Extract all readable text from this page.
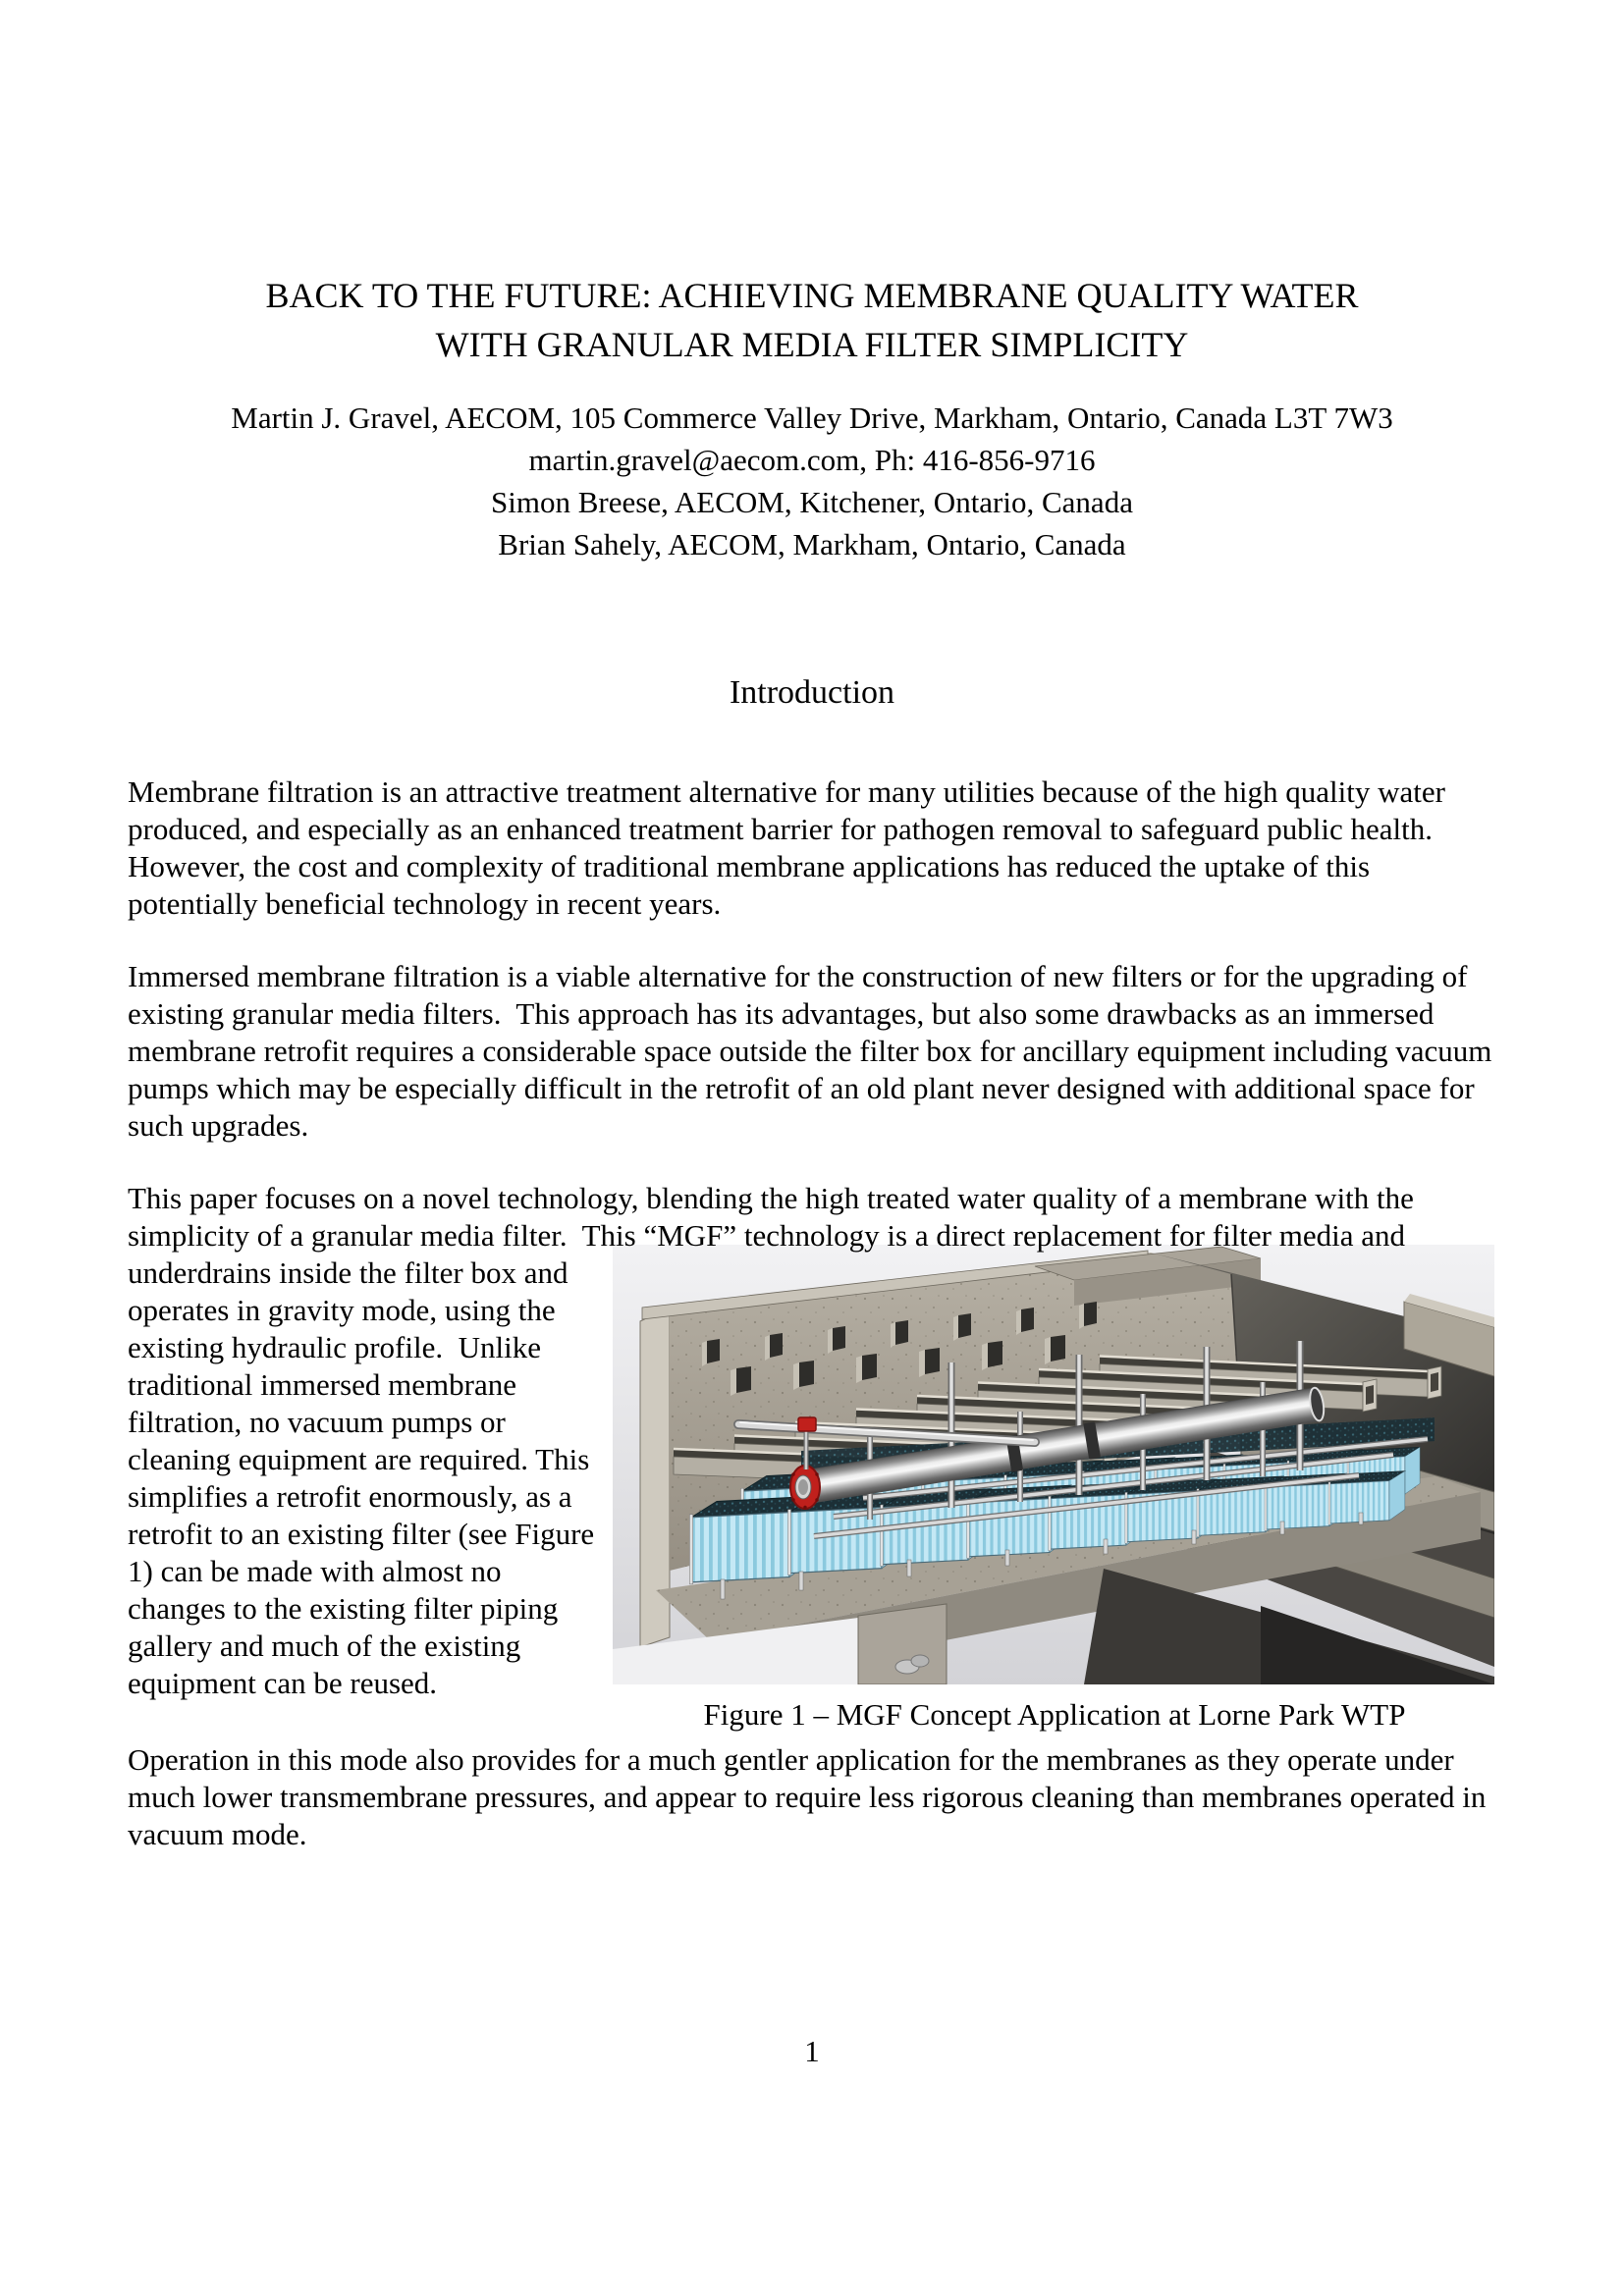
BACK TO THE FUTURE: ACHIEVING MEMBRANE QUALITY WATER
WITH GRANULAR MEDIA FILTER SIMPLICITY
Martin J. Gravel, AECOM, 105 Commerce Valley Drive, Markham, Ontario, Canada L3T 7W3
martin.gravel@aecom.com, Ph: 416-856-9716
Simon Breese, AECOM, Kitchener, Ontario, Canada
Brian Sahely, AECOM, Markham, Ontario, Canada
Introduction

Membrane filtration is an attractive treatment alternative for many utilities because of the high quality water produced, and especially as an enhanced treatment barrier for pathogen removal to safeguard public health. However, the cost and complexity of traditional membrane applications has reduced the uptake of this potentially beneficial technology in recent years.

Immersed membrane filtration is a viable alternative for the construction of new filters or for the upgrading of existing granular media filters.  This approach has its advantages, but also some drawbacks as an immersed membrane retrofit requires a considerable space outside the filter box for ancillary equipment including vacuum pumps which may be especially difficult in the retrofit of an old plant never designed with additional space for such upgrades.

This paper focuses on a novel technology, blending the high treated water quality of a membrane with the simplicity of a granular media filter.  This “MGF” technology is a direct replacement for filter media and
Figure 1 – MGF Concept Application at Lorne Park WTP
underdrains inside the filter box and operates in gravity mode, using the existing hydraulic profile.  Unlike traditional immersed membrane filtration, no vacuum pumps or cleaning equipment are required. This simplifies a retrofit enormously, as a retrofit to an existing filter (see Figure 1) can be made with almost no changes to the existing filter piping gallery and much of the existing equipment can be reused.

Operation in this mode also provides for a much gentler application for the membranes as they operate under much lower transmembrane pressures, and appear to require less rigorous cleaning than membranes operated in vacuum mode.

1
